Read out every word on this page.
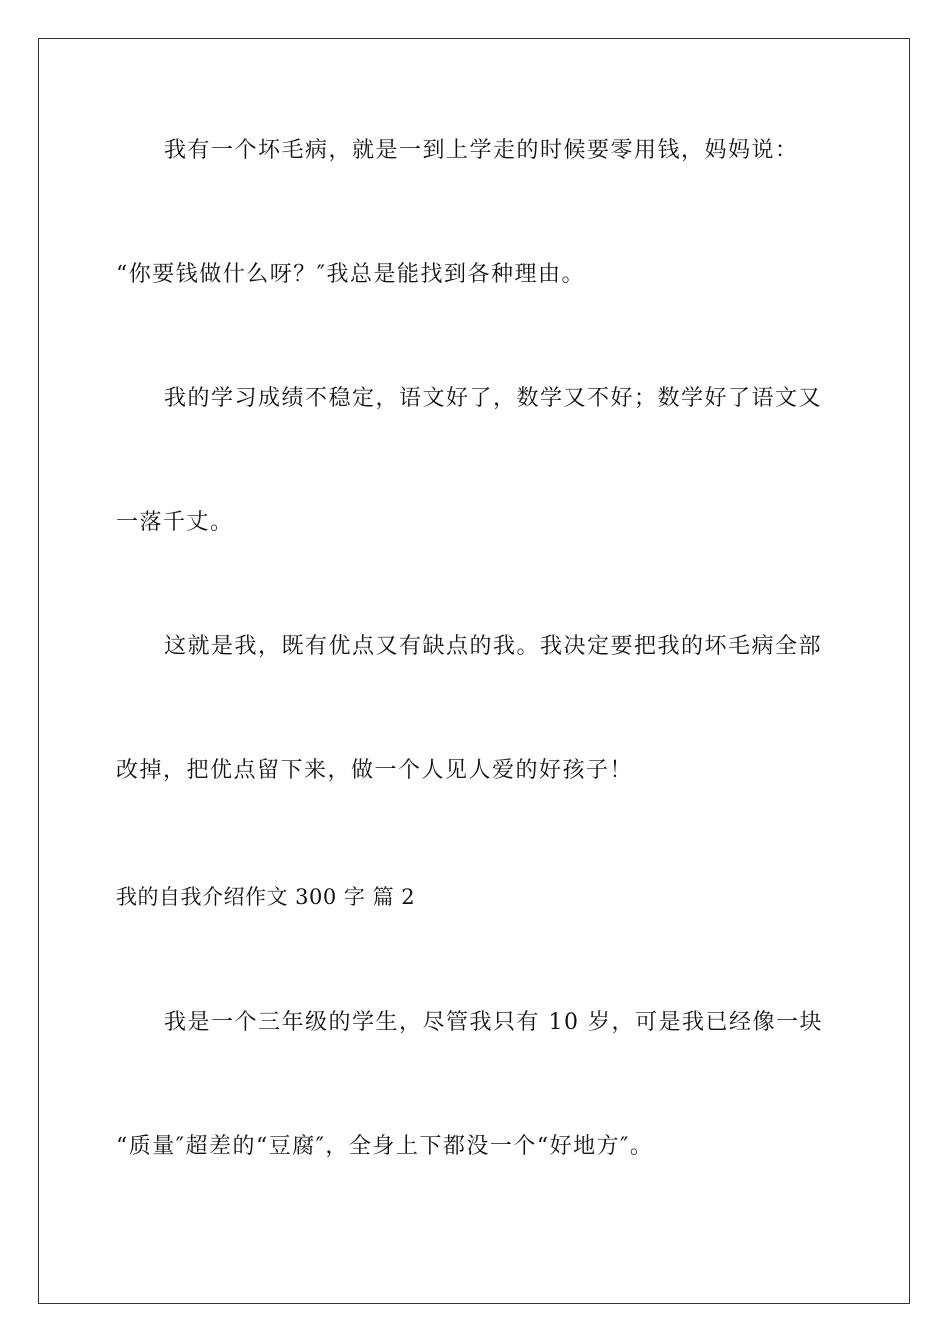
我有一个坏毛病，就是一到上学走的时候要零用钱，妈妈说：
“你要钱做什么呀？″我总是能找到各种理由。
我的学习成绩不稳定，语文好了，数学又不好；数学好了语文又
一落千丈。
这就是我，既有优点又有缺点的我。我决定要把我的坏毛病全部
改掉，把优点留下来，做一个人见人爱的好孩子！
我的自我介绍作文 300 字 篇 2
我是一个三年级的学生，尽管我只有 10 岁，可是我已经像一块
“质量″超差的“豆腐″，全身上下都没一个“好地方″。
